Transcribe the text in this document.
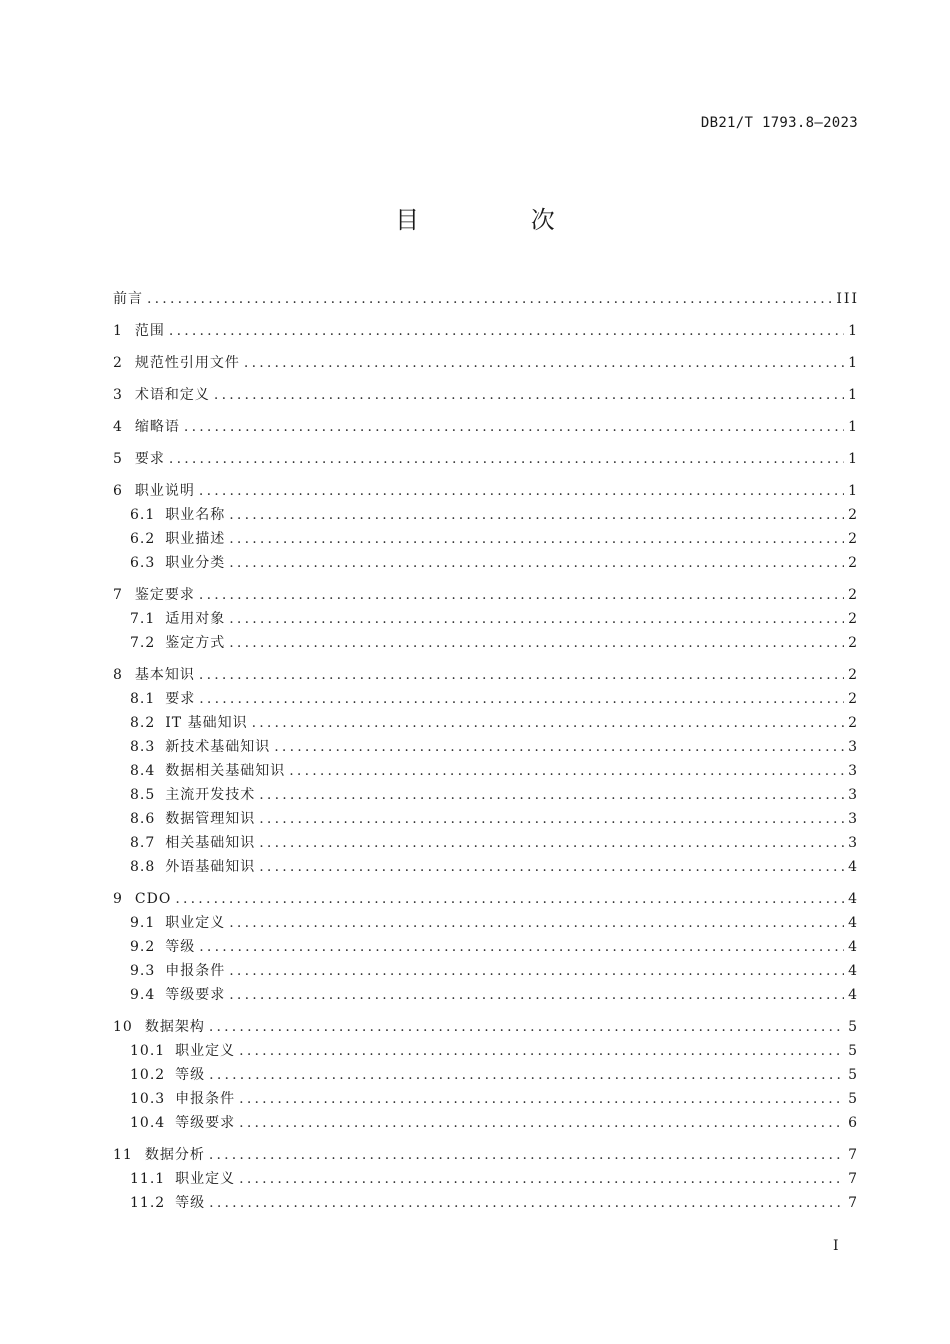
DB21/T 1793.8—2023
目 次
前言 .....	III
1 范围 .....	1
2 规范性引用文件 .....	1
3 术语和定义 .....	1
4 缩略语 .....	1
5 要求 .....	1
6 职业说明 .....	1
6.1 职业名称 .....	2
6.2 职业描述 .....	2
6.3 职业分类 .....	2
7 鉴定要求 .....	2
7.1 适用对象 .....	2
7.2 鉴定方式 .....	2
8 基本知识 .....	2
8.1 要求 .....	2
8.2 IT 基础知识 .....	2
8.3 新技术基础知识 .....	3
8.4 数据相关基础知识 .....	3
8.5 主流开发技术 .....	3
8.6 数据管理知识 .....	3
8.7 相关基础知识 .....	3
8.8 外语基础知识 .....	4
9 CDO .....	4
9.1 职业定义 .....	4
9.2 等级 .....	4
9.3 申报条件 .....	4
9.4 等级要求 .....	4
10 数据架构 .....	5
10.1 职业定义 .....	5
10.2 等级 .....	5
10.3 申报条件 .....	5
10.4 等级要求 .....	6
11 数据分析 .....	7
11.1 职业定义 .....	7
11.2 等级 .....	7
I
